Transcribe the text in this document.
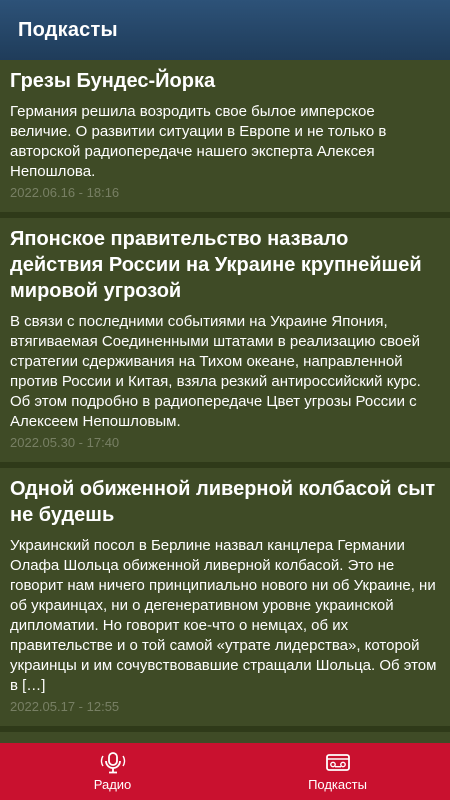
Подкасты
Грезы Бундес-Йорка

Германия решила возродить свое былое имперское величие. О развитии ситуации в Европе и не только в авторской радиопередаче нашего эксперта Алексея Непошлова.

2022.06.16 - 18:16
Японское правительство назвало действия России на Украине крупнейшей мировой угрозой

В связи с последними событиями на Украине Япония, втягиваемая Соединенными штатами в реализацию своей стратегии сдерживания на Тихом океане, направленной против России и Китая, взяла резкий антироссийский курс. Об этом подробно в радиопередаче Цвет угрозы России с Алексеем Непошловым.

2022.05.30 - 17:40
Одной обиженной ливерной колбасой сыт не будешь

Украинский посол в Берлине назвал канцлера Германии Олафа Шольца обиженной ливерной колбасой. Это не говорит нам ничего принципиально нового ни об Украине, ни об украинцах, ни о дегенеративном уровне украинской дипломатии. Но говорит кое-что о немцах, об их правительстве и о той самой «утрате лидерства», которой украинцы и им сочувствовавшие стращали Шольца. Об этом в […]

2022.05.17 - 12:55
Радио	Подкасты
